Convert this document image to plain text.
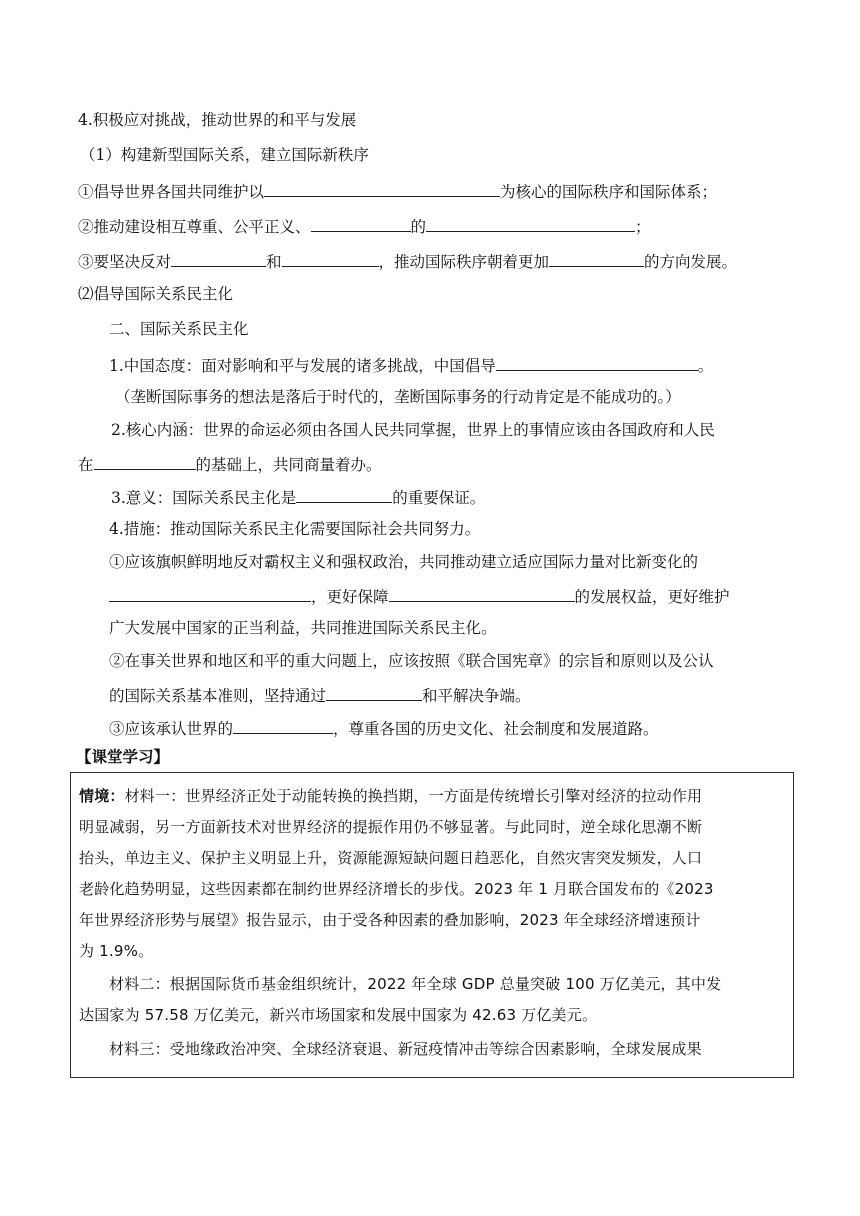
4.积极应对挑战，推动世界的和平与发展
（1）构建新型国际关系，建立国际新秩序
①倡导世界各国共同维护以	为核心的国际秩序和国际体系；
②推动建设相互尊重、公平正义、	的	；
③要坚决反对	和	，推动国际秩序朝着更加	的方向发展。
⑵倡导国际关系民主化
二、国际关系民主化
1.中国态度：面对影响和平与发展的诸多挑战，中国倡导	。
（垄断国际事务的想法是落后于时代的，垄断国际事务的行动肯定是不能成功的。）
2.核心内涵：世界的命运必须由各国人民共同掌握，世界上的事情应该由各国政府和人民
在	的基础上，共同商量着办。
3.意义：国际关系民主化是	的重要保证。
4.措施：推动国际关系民主化需要国际社会共同努力。
①应该旗帜鲜明地反对霸权主义和强权政治，共同推动建立适应国际力量对比新变化的
，更好保障	的发展权益，更好维护
广大发展中国家的正当利益，共同推进国际关系民主化。
②在事关世界和地区和平的重大问题上，应该按照《联合国宪章》的宗旨和原则以及公认
的国际关系基本准则，坚持通过	和平解决争端。
③应该承认世界的	，尊重各国的历史文化、社会制度和发展道路。
【课堂学习】
情境：材料一：世界经济正处于动能转换的换挡期，一方面是传统增长引擎对经济的拉动作用
明显减弱，另一方面新技术对世界经济的提振作用仍不够显著。与此同时，逆全球化思潮不断
抬头，单边主义、保护主义明显上升，资源能源短缺问题日趋恶化，自然灾害突发频发，人口
老龄化趋势明显，这些因素都在制约世界经济增长的步伐。2023 年 1 月联合国发布的《2023
年世界经济形势与展望》报告显示，由于受各种因素的叠加影响，2023 年全球经济增速预计
为 1.9%。
材料二：根据国际货币基金组织统计，2022 年全球 GDP 总量突破 100 万亿美元，其中发
达国家为 57.58 万亿美元，新兴市场国家和发展中国家为 42.63 万亿美元。
材料三：受地缘政治冲突、全球经济衰退、新冠疫情冲击等综合因素影响，全球发展成果
